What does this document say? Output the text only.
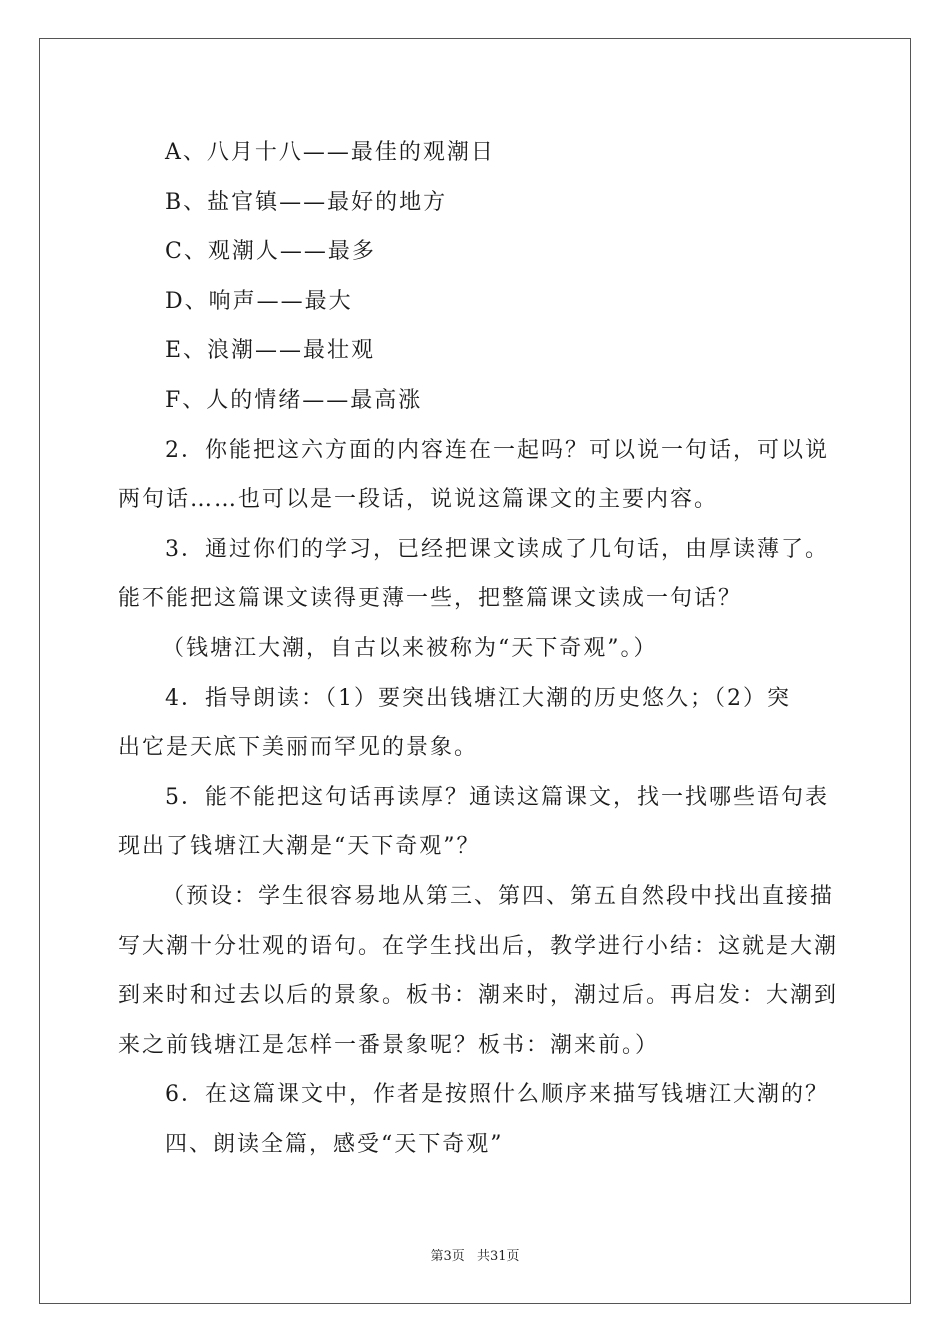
A、八月十八——最佳的观潮日
B、盐官镇——最好的地方
C、观潮人——最多
D、响声——最大
E、浪潮——最壮观
F、人的情绪——最高涨
2．你能把这六方面的内容连在一起吗？可以说一句话，可以说
两句话……也可以是一段话，说说这篇课文的主要内容。
3．通过你们的学习，已经把课文读成了几句话，由厚读薄了。
能不能把这篇课文读得更薄一些，把整篇课文读成一句话？
（钱塘江大潮，自古以来被称为“天下奇观”。）
4．指导朗读：（1）要突出钱塘江大潮的历史悠久；（2）突
出它是天底下美丽而罕见的景象。
5．能不能把这句话再读厚？通读这篇课文，找一找哪些语句表
现出了钱塘江大潮是“天下奇观”？
（预设：学生很容易地从第三、第四、第五自然段中找出直接描
写大潮十分壮观的语句。在学生找出后，教学进行小结：这就是大潮
到来时和过去以后的景象。板书：潮来时，潮过后。再启发：大潮到
来之前钱塘江是怎样一番景象呢？板书：潮来前。）
6．在这篇课文中，作者是按照什么顺序来描写钱塘江大潮的？
四、朗读全篇，感受“天下奇观”
第3页 共31页
